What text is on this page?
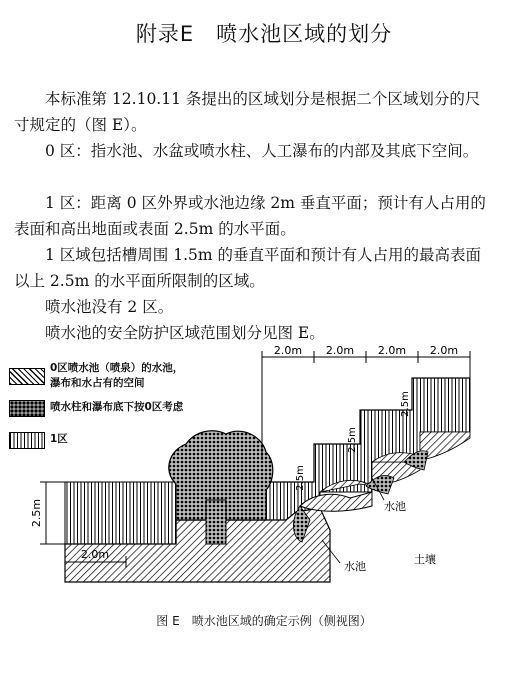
附录E　喷水池区域的划分

本标准第 12.10.11 条提出的区域划分是根据二个区域划分的尺寸规定的（图 E）。

0 区：指水池、水盆或喷水柱、人工瀑布的内部及其底下空间。

1 区：距离 0 区外界或水池边缘 2m 垂直平面；预计有人占用的表面和高出地面或表面 2.5m 的水平面。

1 区域包括槽周围 1.5m 的垂直平面和预计有人占用的最高表面以上 2.5m 的水平面所限制的区域。

喷水池没有 2 区。

喷水池的安全防护区域范围划分见图 E。

0区喷水池（喷泉）的水池，
瀑布和水占有的空间
喷水柱和瀑布底下按0区考虑
1区
2.0m 2.0m 2.0m 2.0m
2.5m
2.0m
2.5m
2.5m
2.5m
水池
水池
土壤
图 E　喷水池区域的确定示例（侧视图）
